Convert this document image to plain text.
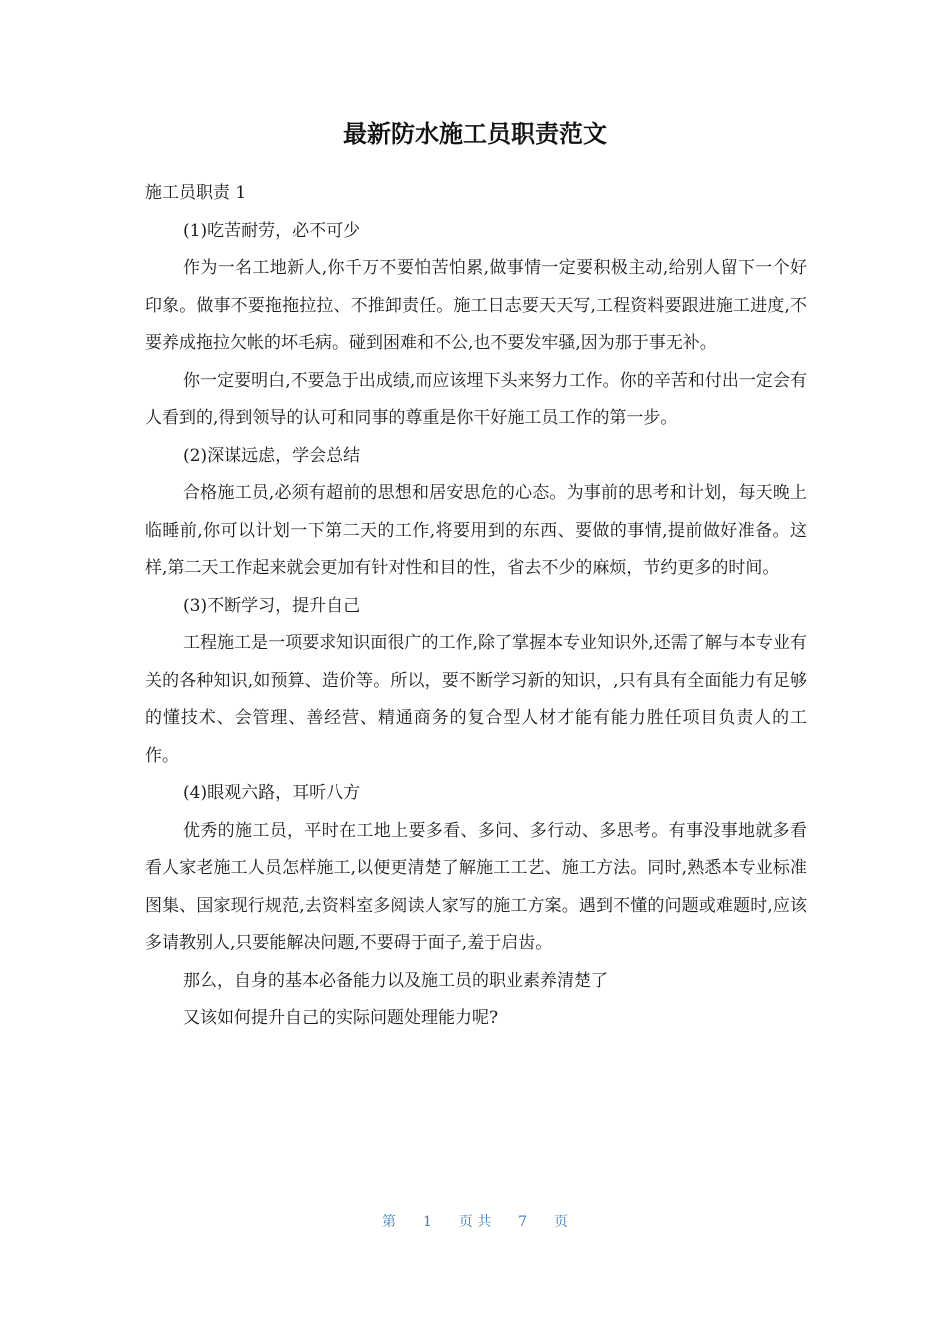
最新防水施工员职责范文

施工员职责 1

(1)吃苦耐劳，必不可少

作为一名工地新人,你千万不要怕苦怕累,做事情一定要积极主动,给别人留下一个好印象。做事不要拖拖拉拉、不推卸责任。施工日志要天天写,工程资料要跟进施工进度,不要养成拖拉欠帐的坏毛病。碰到困难和不公,也不要发牢骚,因为那于事无补。

你一定要明白,不要急于出成绩,而应该埋下头来努力工作。你的辛苦和付出一定会有人看到的,得到领导的认可和同事的尊重是你干好施工员工作的第一步。

(2)深谋远虑，学会总结

合格施工员,必须有超前的思想和居安思危的心态。为事前的思考和计划，每天晚上临睡前,你可以计划一下第二天的工作,将要用到的东西、要做的事情,提前做好准备。这样,第二天工作起来就会更加有针对性和目的性，省去不少的麻烦，节约更多的时间。

(3)不断学习，提升自己

工程施工是一项要求知识面很广的工作,除了掌握本专业知识外,还需了解与本专业有关的各种知识,如预算、造价等。所以，要不断学习新的知识，,只有具有全面能力有足够的懂技术、会管理、善经营、精通商务的复合型人材才能有能力胜任项目负责人的工作。

(4)眼观六路，耳听八方

优秀的施工员，平时在工地上要多看、多问、多行动、多思考。有事没事地就多看看人家老施工人员怎样施工,以便更清楚了解施工工艺、施工方法。同时,熟悉本专业标准图集、国家现行规范,去资料室多阅读人家写的施工方案。遇到不懂的问题或难题时,应该多请教别人,只要能解决问题,不要碍于面子,羞于启齿。

那么，自身的基本必备能力以及施工员的职业素养清楚了

又该如何提升自己的实际问题处理能力呢?

第 1 页 共 7 页
